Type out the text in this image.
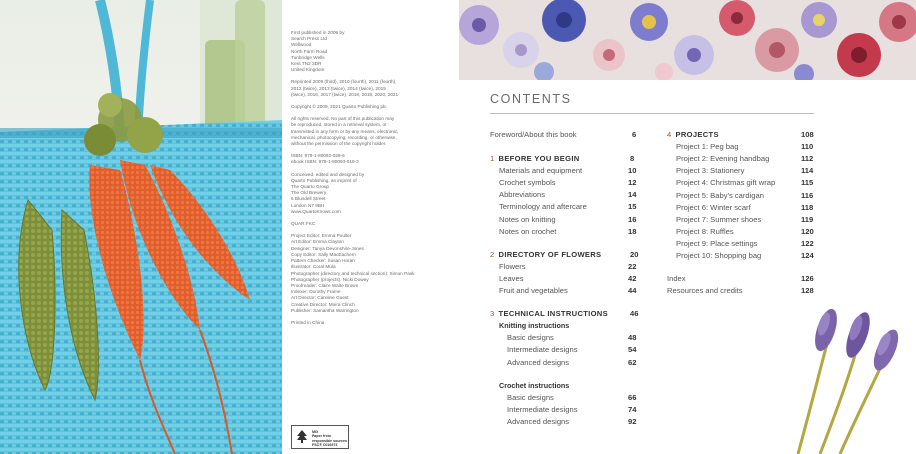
First published in 2009 by
Search Press Ltd
Wellwood
North Farm Road
Tunbridge Wells
Kent TN2 3DR
United Kingdom
Reprinted 2009 (third), 2010 (fourth), 2011 (fourth),
2012 (twice), 2013 (twice), 2014 (twice), 2015
(twice), 2016, 2017 (twice), 2018, 2019, 2020, 2021
Copyright © 2009, 2021 Quarto Publishing plc
All rights reserved. No part of this publication may
be reproduced, stored in a retrieval system, or
transmitted in any form or by any means, electronic,
mechanical, photocopying, recording, or otherwise,
without the permission of the copyright holder.
ISBN: 978-1-80092-028-6
ebook ISBN: 978-1-80093-019-3
Conceived, edited and designed by
Quarto Publishing, an imprint of
The Quarto Group
The Old Brewery
6 Blundell Street
London N7 9BH
www.QuartoKnows.com
QUAR.FKC
Project Editor: Emma Poulter
Art Editor: Emma Clayton
Designer: Tanya Devonshire-Jones
Copy Editor: Sally MacEachern
Pattern Checker: Susan Horan
Illustrator: Coral Mula
Photographer (directory and technical section): Simon Pask
Photographer (projects): Nicki Dowey
Proofreader: Claire Waite Brown
Indexer: Dorothy Frame
Art Director: Caroline Guest
Creative Director: Moira Clinch
Publisher: Samantha Warrington
Printed in China
MIX
Paper from
responsible sources
FSC® C016973
CONTENTS
Foreword/About this book	6
1 BEFORE YOU BEGIN	8
Materials and equipment	10
Crochet symbols	12
Abbreviations	14
Terminology and aftercare	15
Notes on knitting	16
Notes on crochet	18
2 DIRECTORY OF FLOWERS	20
Flowers	22
Leaves	42
Fruit and vegetables	44
3 TECHNICAL INSTRUCTIONS	46
Knitting instructions
Basic designs	48
Intermediate designs	54
Advanced designs	62
Crochet instructions
Basic designs	66
Intermediate designs	74
Advanced designs	92
4 PROJECTS	108
Project 1: Peg bag	110
Project 2: Evening handbag	112
Project 3: Stationery	114
Project 4: Christmas gift wrap	115
Project 5: Baby's cardigan	116
Project 6: Winter scarf	118
Project 7: Summer shoes	119
Project 8: Ruffles	120
Project 9: Place settings	122
Project 10: Shopping bag	124
Index	126
Resources and credits	128
